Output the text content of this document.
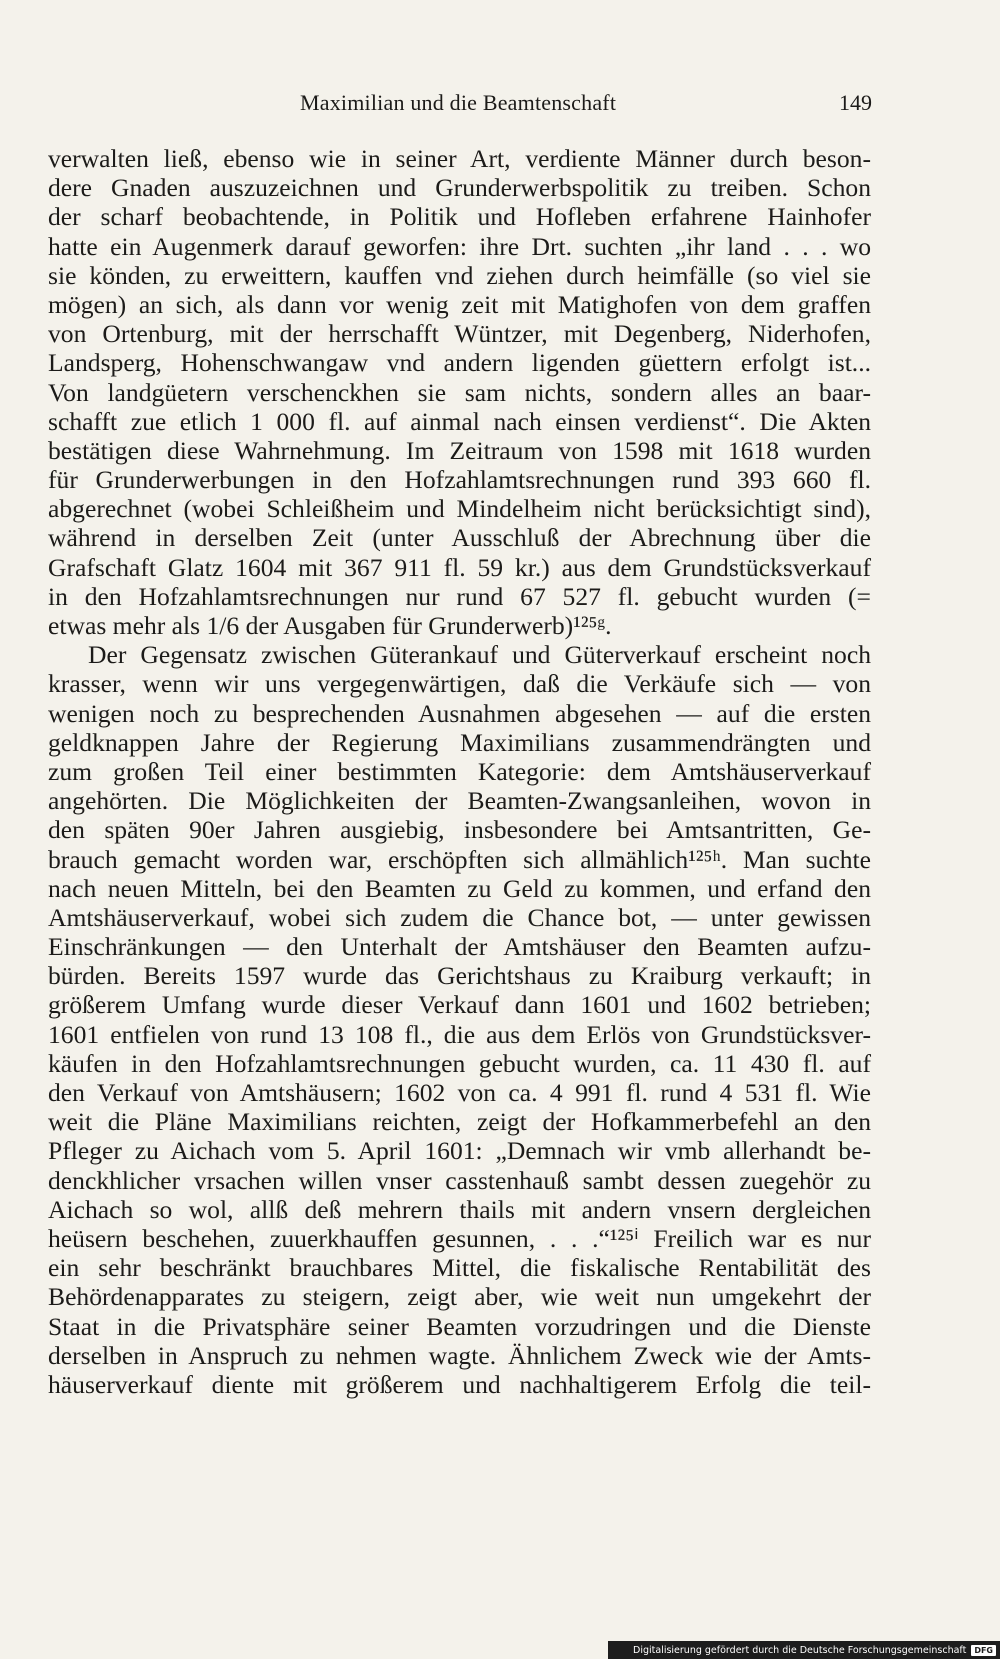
Maximilian und die Beamtenschaft	149
verwalten ließ, ebenso wie in seiner Art, verdiente Männer durch beson-
dere Gnaden auszuzeichnen und Grunderwerbspolitik zu treiben. Schon
der scharf beobachtende, in Politik und Hofleben erfahrene Hainhofer
hatte ein Augenmerk darauf geworfen: ihre Drt. suchten „ihr land . . . wo
sie könden, zu erweittern, kauffen vnd ziehen durch heimfälle (so viel sie
mögen) an sich, als dann vor wenig zeit mit Matighofen von dem graffen
von Ortenburg, mit der herrschafft Wüntzer, mit Degenberg, Niderhofen,
Landsperg, Hohenschwangaw vnd andern ligenden güettern erfolgt ist...
Von landgüetern verschenckhen sie sam nichts, sondern alles an baar-
schafft zue etlich 1 000 fl. auf ainmal nach einsen verdienst“. Die Akten
bestätigen diese Wahrnehmung. Im Zeitraum von 1598 mit 1618 wurden
für Grunderwerbungen in den Hofzahlamtsrechnungen rund 393 660 fl.
abgerechnet (wobei Schleißheim und Mindelheim nicht berücksichtigt sind),
während in derselben Zeit (unter Ausschluß der Abrechnung über die
Grafschaft Glatz 1604 mit 367 911 fl. 59 kr.) aus dem Grundstücksverkauf
in den Hofzahlamtsrechnungen nur rund 67 527 fl. gebucht wurden (=
etwas mehr als 1/6 der Ausgaben für Grunderwerb)¹²⁵ᵍ.
Der Gegensatz zwischen Güterankauf und Güterverkauf erscheint noch
krasser, wenn wir uns vergegenwärtigen, daß die Verkäufe sich — von
wenigen noch zu besprechenden Ausnahmen abgesehen — auf die ersten
geldknappen Jahre der Regierung Maximilians zusammendrängten und
zum großen Teil einer bestimmten Kategorie: dem Amtshäuserverkauf
angehörten. Die Möglichkeiten der Beamten-Zwangsanleihen, wovon in
den späten 90er Jahren ausgiebig, insbesondere bei Amtsantritten, Ge-
brauch gemacht worden war, erschöpften sich allmählich¹²⁵ʰ. Man suchte
nach neuen Mitteln, bei den Beamten zu Geld zu kommen, und erfand den
Amtshäuserverkauf, wobei sich zudem die Chance bot, — unter gewissen
Einschränkungen — den Unterhalt der Amtshäuser den Beamten aufzu-
bürden. Bereits 1597 wurde das Gerichtshaus zu Kraiburg verkauft; in
größerem Umfang wurde dieser Verkauf dann 1601 und 1602 betrieben;
1601 entfielen von rund 13 108 fl., die aus dem Erlös von Grundstücksver-
käufen in den Hofzahlamtsrechnungen gebucht wurden, ca. 11 430 fl. auf
den Verkauf von Amtshäusern; 1602 von ca. 4 991 fl. rund 4 531 fl. Wie
weit die Pläne Maximilians reichten, zeigt der Hofkammerbefehl an den
Pfleger zu Aichach vom 5. April 1601: „Demnach wir vmb allerhandt be-
denckhlicher vrsachen willen vnser casstenhauß sambt dessen zuegehör zu
Aichach so wol, allß deß mehrern thails mit andern vnsern dergleichen
heüsern beschehen, zuuerkhauffen gesunnen, . . .“¹²⁵ⁱ Freilich war es nur
ein sehr beschränkt brauchbares Mittel, die fiskalische Rentabilität des
Behördenapparates zu steigern, zeigt aber, wie weit nun umgekehrt der
Staat in die Privatsphäre seiner Beamten vorzudringen und die Dienste
derselben in Anspruch zu nehmen wagte. Ähnlichem Zweck wie der Amts-
häuserverkauf diente mit größerem und nachhaltigerem Erfolg die teil-
Digitalisierung gefördert durch die Deutsche Forschungsgemeinschaft	DFG
